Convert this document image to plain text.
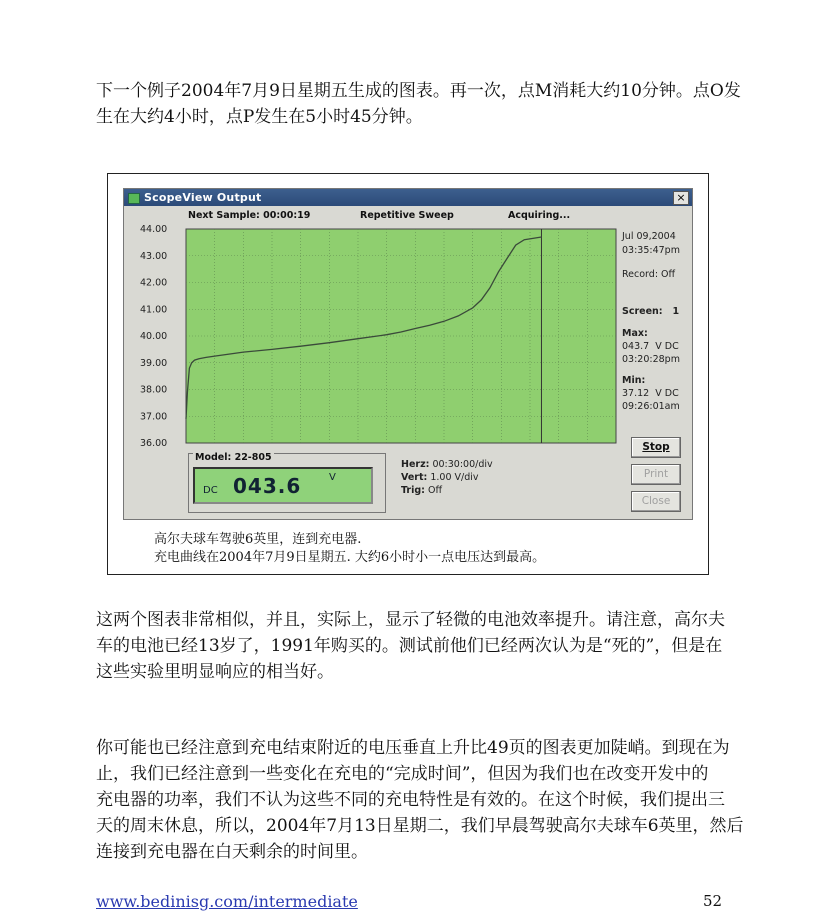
下一个例子2004年7月9日星期五生成的图表。再一次，点M消耗大约10分钟。点O发
生在大约4小时，点P发生在5小时45分钟。
ScopeView Output	×
Next Sample: 00:00:19	Repetitive Sweep	Acquiring...
44.00
43.00
42.00
41.00
40.00
39.00
38.00
37.00
36.00
Jul 09,2004
03:35:47pm
Record: Off
Screen:   1
Max:
043.7  V DC
03:20:28pm
Min:
37.12  V DC
09:26:01am
Model: 22-805
DC 043.6	V
Herz: 00:30:00/div
Vert: 1.00 V/div
Trig: Off
Stop
Print
Close
高尔夫球车驾驶6英里，连到充电器.
充电曲线在2004年7月9日星期五. 大约6小时小一点电压达到最高。
这两个图表非常相似，并且，实际上，显示了轻微的电池效率提升。请注意，高尔夫
车的电池已经13岁了，1991年购买的。测试前他们已经两次认为是“死的”，但是在
这些实验里明显响应的相当好。
你可能也已经注意到充电结束附近的电压垂直上升比49页的图表更加陡峭。到现在为
止，我们已经注意到一些变化在充电的“完成时间”，但因为我们也在改变开发中的
充电器的功率，我们不认为这些不同的充电特性是有效的。在这个时候，我们提出三
天的周末休息，所以，2004年7月13日星期二，我们早晨驾驶高尔夫球车6英里，然后
连接到充电器在白天剩余的时间里。
www.bedinisg.com/intermediate	52
